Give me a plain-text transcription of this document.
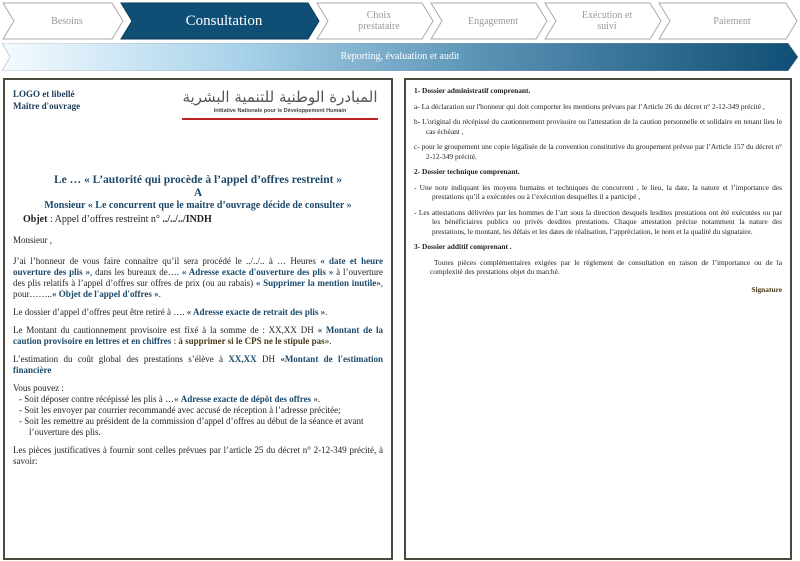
Besoins	Consultation	Choix prestataire	Engagement	Exécution et suivi	Paiement
Reporting, évaluation et audit
LOGO et libellé
Maître d'ouvrage	المبادرة الوطنية للتنمية البشرية
Initiative Nationale pour le Développement Humain
Le … « L’autorité qui procède à l’appel d’offres restreint »
A
Monsieur « Le concurrent que le maitre d’ouvrage décide de consulter »
Objet : Appel d’offres restreint n° ../../../INDH
Monsieur ,
J’ai l’honneur de vous faire connaitre qu’il sera procédé le ../../.. à … Heures « date et heure ouverture des plis », dans les bureaux de…. « Adresse exacte d'ouverture des plis » à l’ouverture des plis relatifs à l’appel d’offres sur offres de prix (ou au rabais) « Supprimer la mention inutile», pour……..« Objet de l'appel d'offres ».
Le dossier d’appel d’offres peut être retiré à …. « Adresse exacte de retrait des plis ».
Le Montant du cautionnement provisoire est fixé à la somme de : XX,XX DH « Montant de la caution provisoire en lettres et en chiffres : à supprimer si le CPS ne le stipule pas».
L’estimation du coût global des prestations s’élève à XX,XX DH «Montant de l'estimation financière
Vous pouvez :
- Soit déposer contre récépissé les plis à …« Adresse exacte de dépôt des offres ».
- Soit les envoyer par courrier recommandé avec accusé de réception à l’adresse précitée;
- Soit les remettre au président de la commission d’appel d’offres au début de la séance et avant l’ouverture des plis.
Les pièces justificatives à fournir sont celles prévues par l’article 25 du décret n° 2-12-349 précité, à savoir:
1- Dossier administratif comprenant.
a- La déclaration sur l'honneur qui doit comporter les mentions prévues par l’Article 26 du décret n° 2-12-349 précité ,
b- L'original du récépissé du cautionnement provisoire ou l'attestation de la caution personnelle et solidaire en tenant lieu le cas échéant ,
c- pour le groupement une copie légalisée de la convention constitutive du groupement prévue par l’Article 157 du décret n° 2-12-349 précité.
2- Dossier technique comprenant.
- Une note indiquant les moyens humains et techniques du concurrent , le lieu, la date, la nature et l’importance des prestations qu’il a exécutées ou à l’exécution desquelles il a participé ,
- Les attestations délivrées par les hommes de l’art sous la direction desquels lesdites prestations ont été exécutées ou par les bénéficiaires publics ou privés desdites prestations. Chaque attestation précise notamment la nature des prestations, le montant, les délais et les dates de réalisation, l’appréciation, le nom et la qualité du signataire.
3- Dossier additif comprenant .
Toutes pièces complémentaires exigées par le règlement de consultation en raison de l’importance ou de la complexité des prestations objet du marché.
Signature
